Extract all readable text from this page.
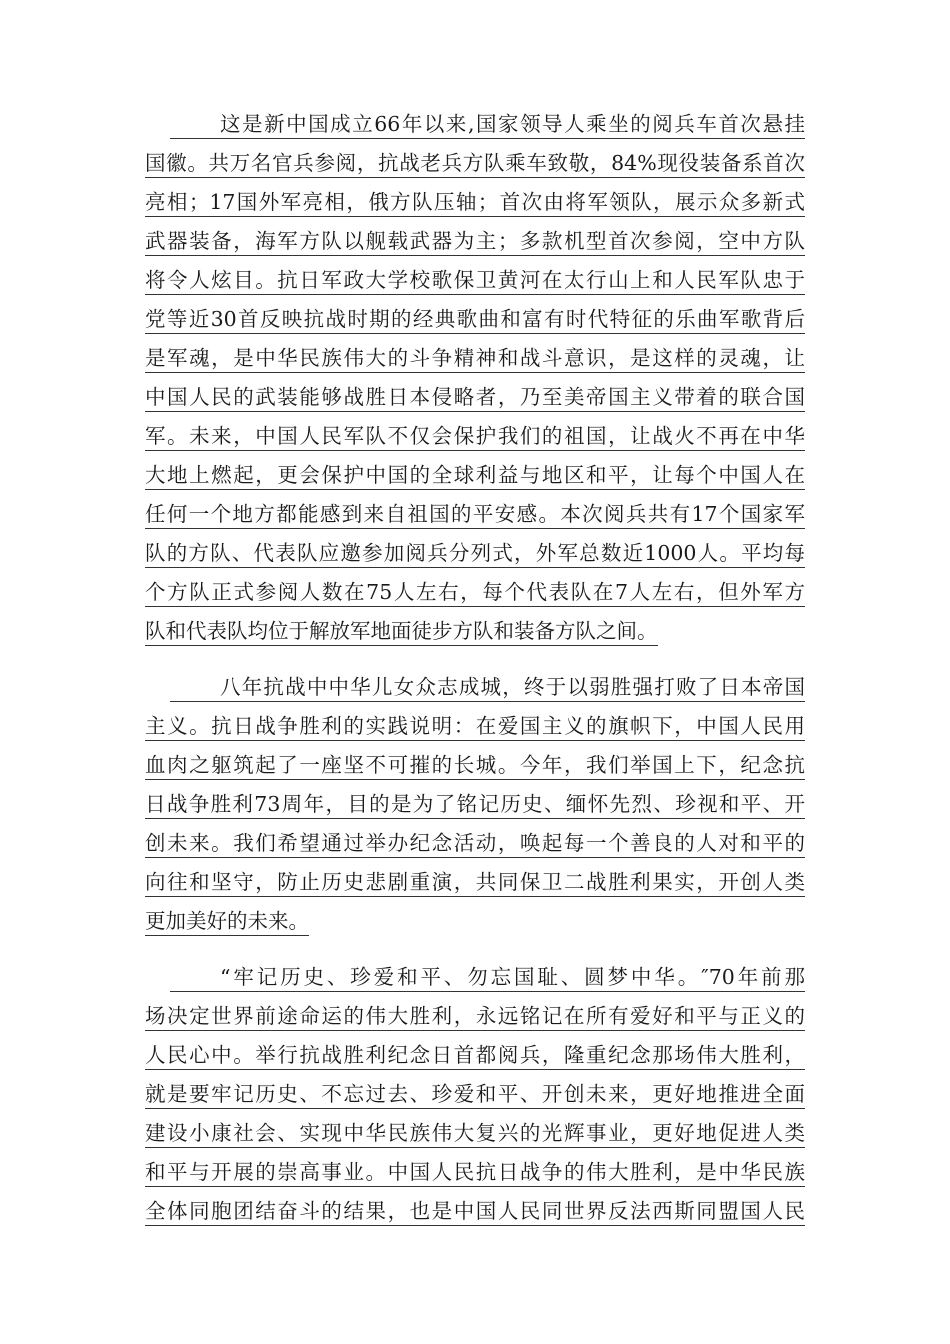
这是新中国成立66年以来,国家领导人乘坐的阅兵车首次悬挂
国徽。共万名官兵参阅，抗战老兵方队乘车致敬，84%现役装备系首次
亮相；17国外军亮相，俄方队压轴；首次由将军领队，展示众多新式
武器装备，海军方队以舰载武器为主；多款机型首次参阅，空中方队
将令人炫目。抗日军政大学校歌保卫黄河在太行山上和人民军队忠于
党等近30首反映抗战时期的经典歌曲和富有时代特征的乐曲军歌背后
是军魂，是中华民族伟大的斗争精神和战斗意识，是这样的灵魂，让
中国人民的武装能够战胜日本侵略者，乃至美帝国主义带着的联合国
军。未来，中国人民军队不仅会保护我们的祖国，让战火不再在中华
大地上燃起，更会保护中国的全球利益与地区和平，让每个中国人在
任何一个地方都能感到来自祖国的平安感。本次阅兵共有17个国家军
队的方队、代表队应邀参加阅兵分列式，外军总数近1000人。平均每
个方队正式参阅人数在75人左右，每个代表队在7人左右，但外军方
队和代表队均位于解放军地面徒步方队和装备方队之间。
八年抗战中中华儿女众志成城，终于以弱胜强打败了日本帝国
主义。抗日战争胜利的实践说明：在爱国主义的旗帜下，中国人民用
血肉之躯筑起了一座坚不可摧的长城。今年，我们举国上下，纪念抗
日战争胜利73周年，目的是为了铭记历史、缅怀先烈、珍视和平、开
创未来。我们希望通过举办纪念活动，唤起每一个善良的人对和平的
向往和坚守，防止历史悲剧重演，共同保卫二战胜利果实，开创人类
更加美好的未来。
“牢记历史、珍爱和平、勿忘国耻、圆梦中华。″70年前那
场决定世界前途命运的伟大胜利，永远铭记在所有爱好和平与正义的
人民心中。举行抗战胜利纪念日首都阅兵，隆重纪念那场伟大胜利，
就是要牢记历史、不忘过去、珍爱和平、开创未来，更好地推进全面
建设小康社会、实现中华民族伟大复兴的光辉事业，更好地促进人类
和平与开展的崇高事业。中国人民抗日战争的伟大胜利，是中华民族
全体同胞团结奋斗的结果，也是中国人民同世界反法西斯同盟国人民
